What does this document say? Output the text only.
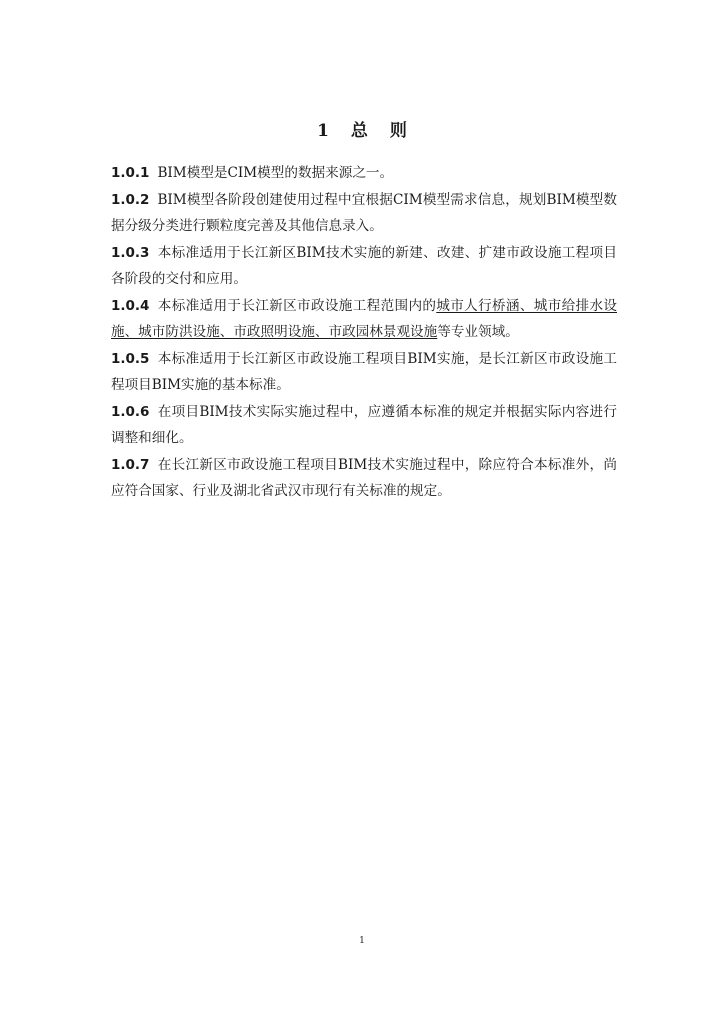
1 总 则

1.0.1 BIM模型是CIM模型的数据来源之一。

1.0.2 BIM模型各阶段创建使用过程中宜根据CIM模型需求信息，规划BIM模型数据分级分类进行颗粒度完善及其他信息录入。

1.0.3 本标准适用于长江新区BIM技术实施的新建、改建、扩建市政设施工程项目各阶段的交付和应用。

1.0.4 本标准适用于长江新区市政设施工程范围内的城市人行桥涵、城市给排水设施、城市防洪设施、市政照明设施、市政园林景观设施等专业领域。

1.0.5 本标准适用于长江新区市政设施工程项目BIM实施，是长江新区市政设施工程项目BIM实施的基本标准。

1.0.6 在项目BIM技术实际实施过程中，应遵循本标准的规定并根据实际内容进行调整和细化。

1.0.7 在长江新区市政设施工程项目BIM技术实施过程中，除应符合本标准外，尚应符合国家、行业及湖北省武汉市现行有关标准的规定。

1
